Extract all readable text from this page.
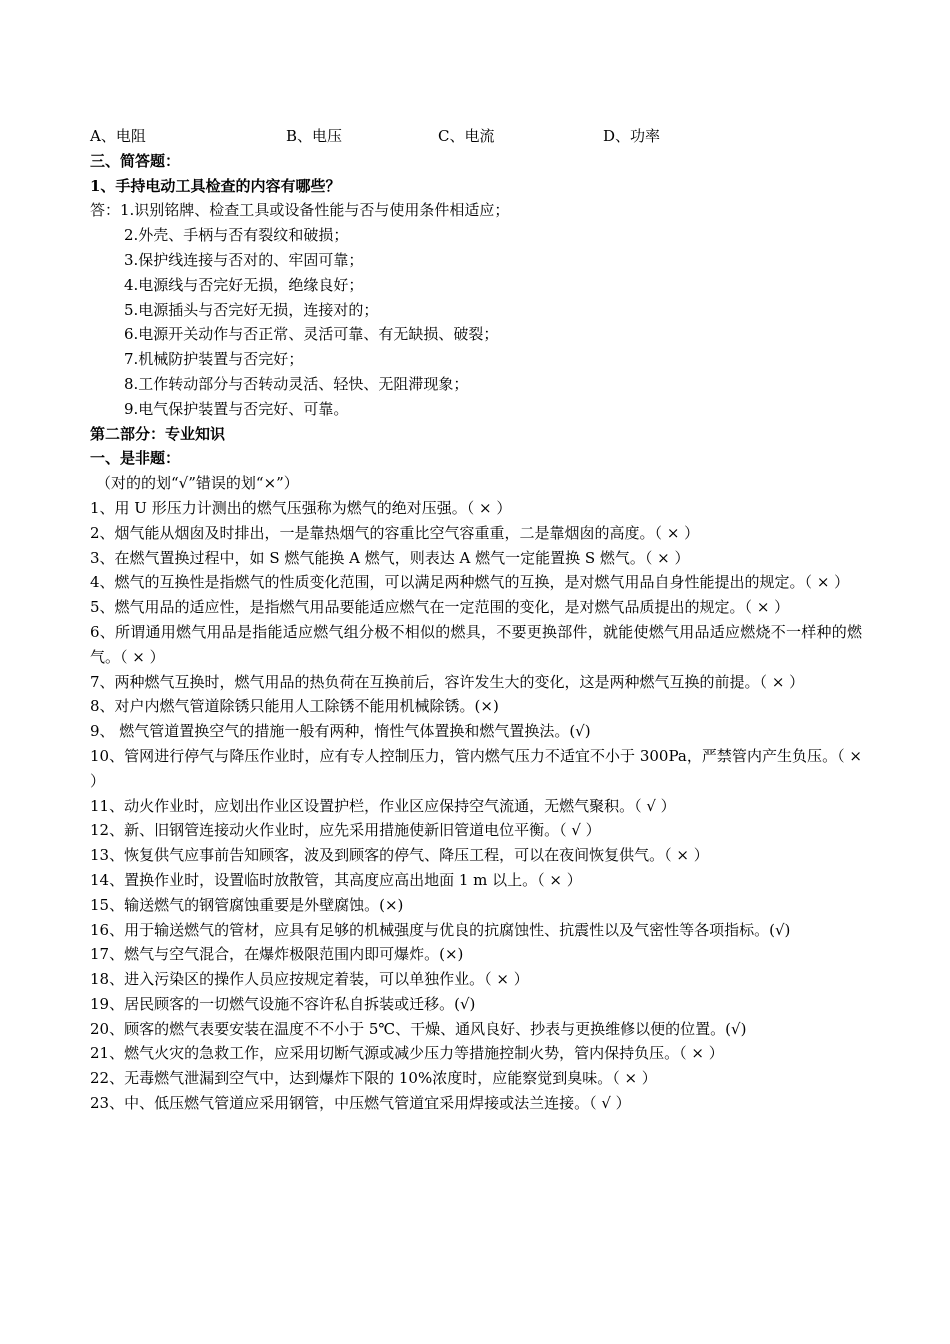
A、电阻	B、电压	C、电流	D、功率
三、简答题：
1、手持电动工具检查的内容有哪些？
答：1.识别铭牌、检查工具或设备性能与否与使用条件相适应；
2.外壳、手柄与否有裂纹和破损；
3.保护线连接与否对的、牢固可靠；
4.电源线与否完好无损，绝缘良好；
5.电源插头与否完好无损，连接对的；
6.电源开关动作与否正常、灵活可靠、有无缺损、破裂；
7.机械防护装置与否完好；
8.工作转动部分与否转动灵活、轻快、无阻滞现象；
9.电气保护装置与否完好、可靠。
第二部分：专业知识
一、是非题：
（对的的划“√”错误的划“×”）
1、用 U 形压力计测出的燃气压强称为燃气的绝对压强。（ × ）
2、烟气能从烟囱及时排出，一是靠热烟气的容重比空气容重重，二是靠烟囱的高度。（ × ）
3、在燃气置换过程中，如 S 燃气能换 A 燃气，则表达 A 燃气一定能置换 S 燃气。（ × ）
4、燃气的互换性是指燃气的性质变化范围，可以满足两种燃气的互换，是对燃气用品自身性能提出的规定。（ × ）
5、燃气用品的适应性，是指燃气用品要能适应燃气在一定范围的变化，是对燃气品质提出的规定。（ × ）
6、所谓通用燃气用品是指能适应燃气组分极不相似的燃具，不要更换部件，就能使燃气用品适应燃烧不一样种的燃气。（ × ）
7、两种燃气互换时，燃气用品的热负荷在互换前后，容许发生大的变化，这是两种燃气互换的前提。（ × ）
8、对户内燃气管道除锈只能用人工除锈不能用机械除锈。(×)
9、 燃气管道置换空气的措施一般有两种，惰性气体置换和燃气置换法。(√)
10、管网进行停气与降压作业时，应有专人控制压力，管内燃气压力不适宜不小于 300Pa，严禁管内产生负压。（ × ）
11、动火作业时，应划出作业区设置护栏，作业区应保持空气流通，无燃气聚积。（ √ ）
12、新、旧钢管连接动火作业时，应先采用措施使新旧管道电位平衡。（ √ ）
13、恢复供气应事前告知顾客，波及到顾客的停气、降压工程，可以在夜间恢复供气。（ × ）
14、置换作业时，设置临时放散管，其高度应高出地面 1 m 以上。（ × ）
15、输送燃气的钢管腐蚀重要是外壁腐蚀。(×)
16、用于输送燃气的管材，应具有足够的机械强度与优良的抗腐蚀性、抗震性以及气密性等各项指标。(√)
17、燃气与空气混合，在爆炸极限范围内即可爆炸。(×)
18、进入污染区的操作人员应按规定着装，可以单独作业。（ × ）
19、居民顾客的一切燃气设施不容许私自拆装或迁移。(√)
20、顾客的燃气表要安装在温度不不小于 5℃、干燥、通风良好、抄表与更换维修以便的位置。(√)
21、燃气火灾的急救工作，应采用切断气源或减少压力等措施控制火势，管内保持负压。（ × ）
22、无毒燃气泄漏到空气中，达到爆炸下限的 10%浓度时，应能察觉到臭味。（ × ）
23、中、低压燃气管道应采用钢管，中压燃气管道宜采用焊接或法兰连接。（ √ ）
